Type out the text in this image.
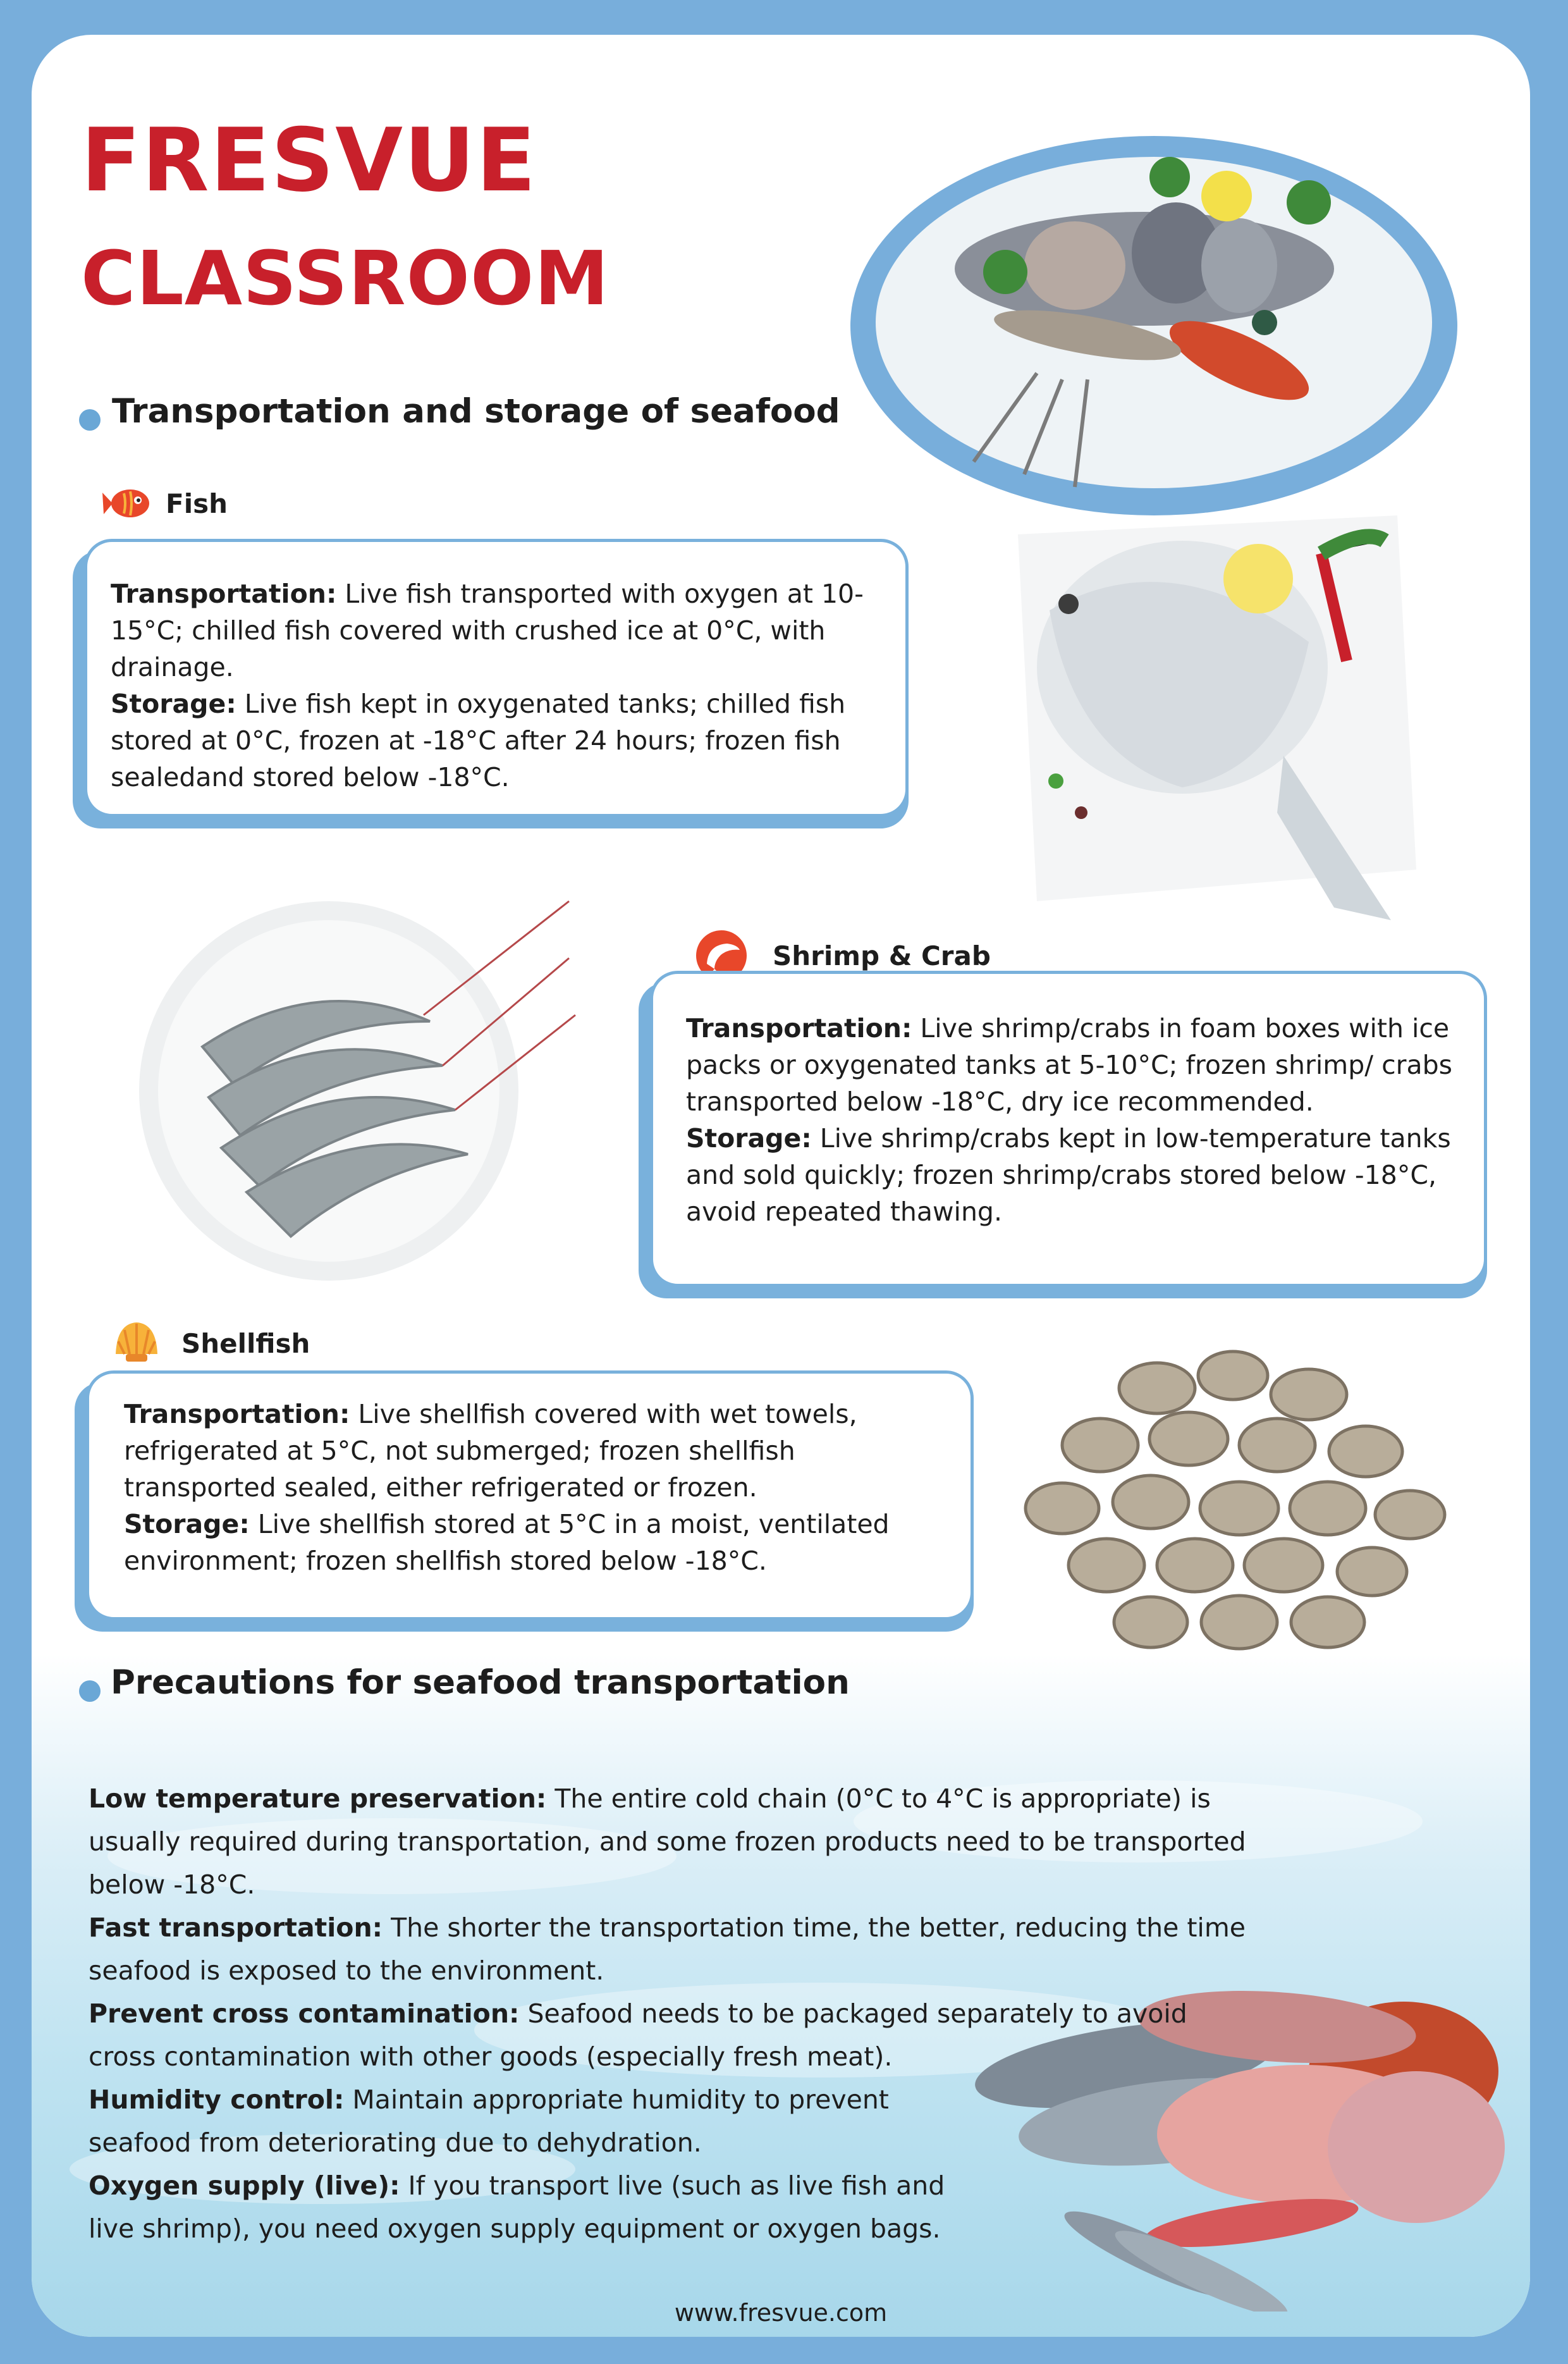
FRESVUE
CLASSROOM
Transportation and storage of seafood
Fish
Transportation: Live fish transported with oxygen at 10-15°C; chilled fish covered with crushed ice at 0°C, with drainage.
Storage: Live fish kept in oxygenated tanks; chilled fish stored at 0°C, frozen at -18°C after 24 hours; frozen fish sealedand stored below -18°C.
Shrimp & Crab
Transportation: Live shrimp/crabs in foam boxes with ice packs or oxygenated tanks at 5-10°C; frozen shrimp/ crabs transported below -18°C, dry ice recommended.
Storage: Live shrimp/crabs kept in low-temperature tanks and sold quickly; frozen shrimp/crabs stored below -18°C, avoid repeated thawing.
Shellfish
Transportation: Live shellfish covered with wet towels, refrigerated at 5°C, not submerged; frozen shellfish transported sealed, either refrigerated or frozen.
Storage: Live shellfish stored at 5°C in a moist, ventilated environment; frozen shellfish stored below -18°C.
Precautions for seafood transportation

Low temperature preservation: The entire cold chain (0°C to 4°C is appropriate) is usually required during transportation, and some frozen products need to be transported below -18°C.

Fast transportation: The shorter the transportation time, the better, reducing the time seafood is exposed to the environment.

Prevent cross contamination: Seafood needs to be packaged separately to avoid cross contamination with other goods (especially fresh meat).

Humidity control: Maintain appropriate humidity to prevent seafood from deteriorating due to dehydration.

Oxygen supply (live): If you transport live (such as live fish and live shrimp), you need oxygen supply equipment or oxygen bags.

www.fresvue.com
